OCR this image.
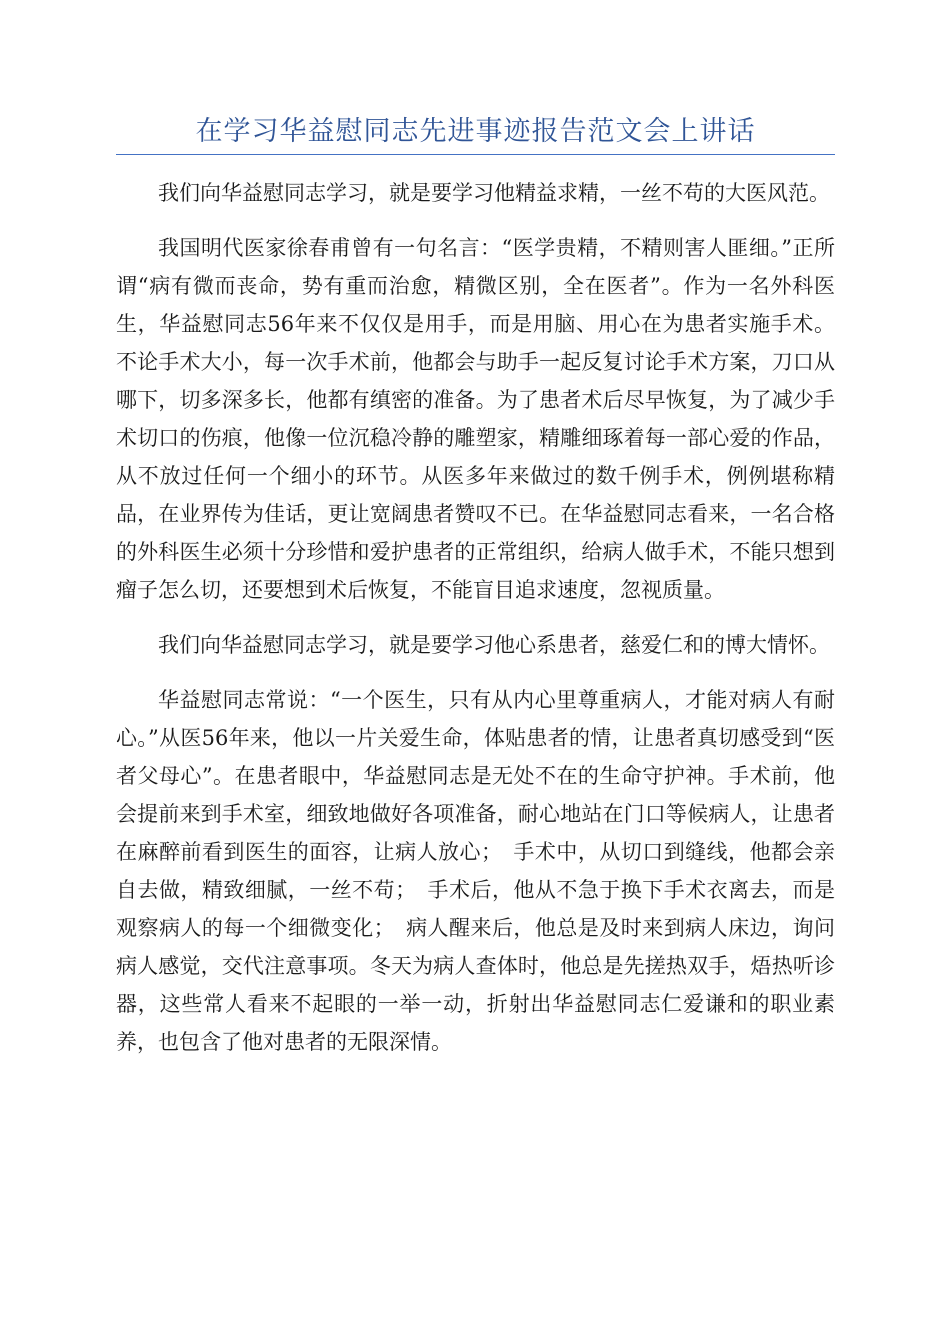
在学习华益慰同志先进事迹报告范文会上讲话

我们向华益慰同志学习，就是要学习他精益求精，一丝不苟的大医风范。

我国明代医家徐春甫曾有一句名言：“医学贵精，不精则害人匪细。”正所谓“病有微而丧命，势有重而治愈，精微区别，全在医者”。作为一名外科医生，华益慰同志56年来不仅仅是用手，而是用脑、用心在为患者实施手术。不论手术大小，每一次手术前，他都会与助手一起反复讨论手术方案，刀口从哪下，切多深多长，他都有缜密的准备。为了患者术后尽早恢复，为了减少手术切口的伤痕，他像一位沉稳冷静的雕塑家，精雕细琢着每一部心爱的作品，从不放过任何一个细小的环节。从医多年来做过的数千例手术，例例堪称精品，在业界传为佳话，更让宽阔患者赞叹不已。在华益慰同志看来，一名合格的外科医生必须十分珍惜和爱护患者的正常组织，给病人做手术，不能只想到瘤子怎么切，还要想到术后恢复，不能盲目追求速度，忽视质量。

我们向华益慰同志学习，就是要学习他心系患者，慈爱仁和的博大情怀。

华益慰同志常说：“一个医生，只有从内心里尊重病人，才能对病人有耐心。”从医56年来，他以一片关爱生命，体贴患者的情，让患者真切感受到“医者父母心”。在患者眼中，华益慰同志是无处不在的生命守护神。手术前，他会提前来到手术室，细致地做好各项准备，耐心地站在门口等候病人，让患者在麻醉前看到医生的面容，让病人放心；　手术中，从切口到缝线，他都会亲自去做，精致细腻，一丝不苟；　手术后，他从不急于换下手术衣离去，而是观察病人的每一个细微变化；　病人醒来后，他总是及时来到病人床边，询问病人感觉，交代注意事项。冬天为病人查体时，他总是先搓热双手，焐热听诊器，这些常人看来不起眼的一举一动，折射出华益慰同志仁爱谦和的职业素养，也包含了他对患者的无限深情。
